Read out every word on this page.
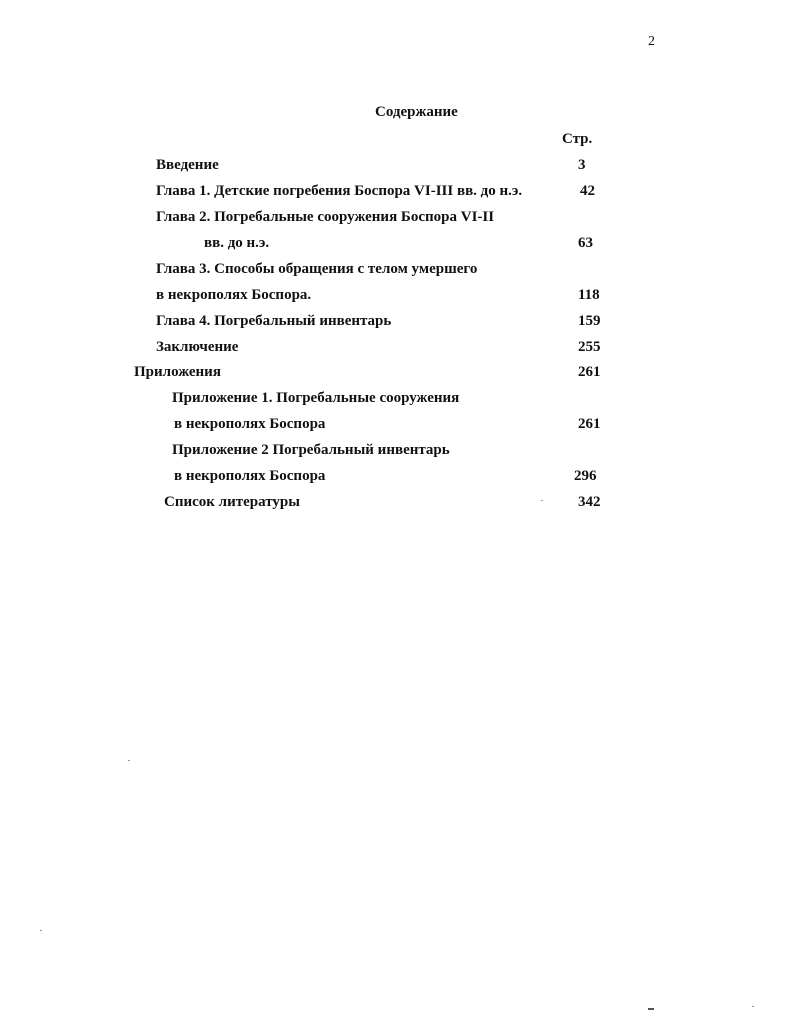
2
Содержание
Стр.
Введение	3
Глава 1. Детские погребения Боспора VI-III вв. до н.э.	42
Глава 2. Погребальные сооружения Боспора VI-II
вв. до н.э.	63
Глава 3. Способы обращения с телом умершего
в некрополях Боспора.	118
Глава 4. Погребальный инвентарь	159
Заключение	255
Приложения	261
Приложение 1. Погребальные сооружения
в некрополях Боспора	261
Приложение 2 Погребальный инвентарь
в некрополях Боспора	296
Список литературы	342
